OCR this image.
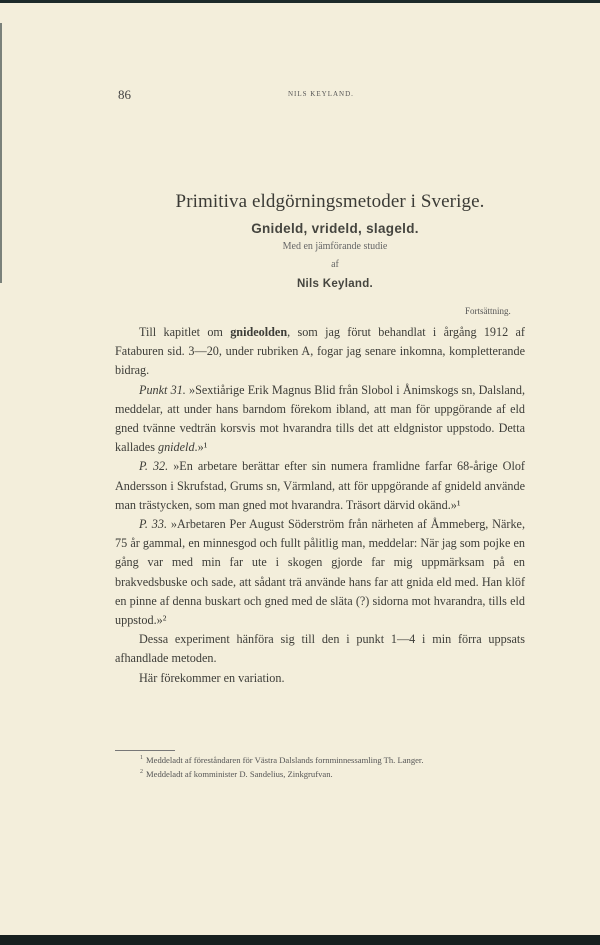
86	NILS KEYLAND.
Primitiva eldgörningsmetoder i Sverige.
Gnideld, vrideld, slageld.
Med en jämförande studie
af
Nils Keyland.
Fortsättning.

Till kapitlet om gnideolden, som jag förut behandlat i årgång 1912 af Fataburen sid. 3—20, under rubriken A, fogar jag senare inkomna, kompletterande bidrag.

Punkt 31. »Sextiårige Erik Magnus Blid från Slobol i Ånimskogs sn, Dalsland, meddelar, att under hans barndom förekom ibland, att man för uppgörande af eld gned tvänne vedträn korsvis mot hvarandra tills det att eldgnistor uppstodo. Detta kallades gnideld.»¹

P. 32. »En arbetare berättar efter sin numera framlidne farfar 68-årige Olof Andersson i Skrufstad, Grums sn, Värmland, att för uppgörande af gnideld använde man trästycken, som man gned mot hvarandra. Träsort därvid okänd.»¹

P. 33. »Arbetaren Per August Söderström från närheten af Åmmeberg, Närke, 75 år gammal, en minnesgod och fullt pålitlig man, meddelar: När jag som pojke en gång var med min far ute i skogen gjorde far mig uppmärksam på en brakvedsbuske och sade, att sådant trä använde hans far att gnida eld med. Han klöf en pinne af denna buskart och gned med de släta (?) sidorna mot hvarandra, tills eld uppstod.»²

Dessa experiment hänföra sig till den i punkt 1—4 i min förra uppsats afhandlade metoden.

Här förekommer en variation.

$^1$ Meddeladt af föreståndaren för Västra Dalslands fornminnessamling Th. Langer.
$^2$ Meddeladt af komminister D. Sandelius, Zinkgrufvan.
